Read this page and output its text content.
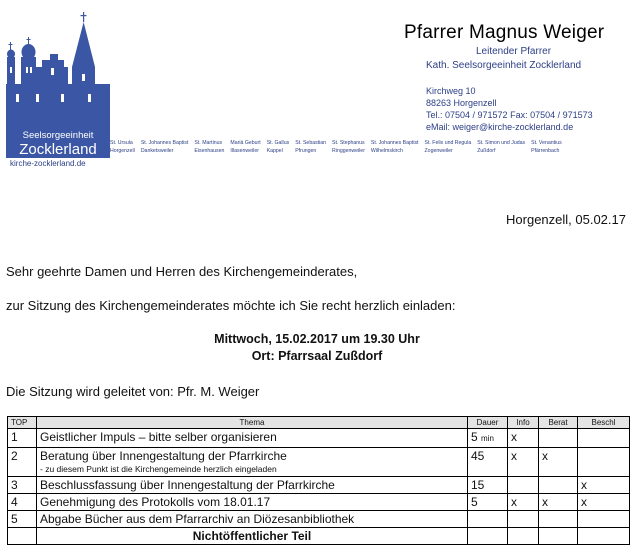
Seelsorgeeinheit
Zocklerland
kirche-zocklerland.de
Pfarrer Magnus Weiger
Leitender Pfarrer
Kath. Seelsorgeeinheit Zocklerland
Kirchweg 10
88263 Horgenzell
Tel.: 07504 / 971572 Fax: 07504 / 971573
eMail: weiger@kirche-zocklerland.de
St. Ursula
Horgenzell
St. Johannes Baptist
Danketsweiler
St. Martinus
Eisenhausen
Mariä Geburt
Illasenweiler
St. Gallus
Kappel
St. Sebastian
Pfrungen
St. Stephanus
Ringgenweiler
St. Johannes Baptist
Wilhelmskirch
St. Felix und Regula
Zogenweiler
St. Simon und Judas
Zußdorf
St. Venantius
Pfärrenbach
Horgenzell, 05.02.17
Sehr geehrte Damen und Herren des Kirchengemeinderates,
zur Sitzung des Kirchengemeinderates möchte ich Sie recht herzlich einladen:
Mittwoch, 15.02.2017 um 19.30 Uhr
Ort: Pfarrsaal Zußdorf
Die Sitzung wird geleitet von: Pfr. M. Weiger
TOP	Thema	Dauer	Info	Berat	Beschl
1	Geistlicher Impuls – bitte selber organisieren	5 min	x		
2	Beratung über Innengestaltung der Pfarrkirche
- zu diesem Punkt ist die Kirchengemeinde herzlich eingeladen	45	x	x	
3	Beschlussfassung über Innengestaltung der Pfarrkirche	15			x
4	Genehmigung des Protokolls vom 18.01.17	5	x	x	x
5	Abgabe Bücher aus dem Pfarrarchiv an Diözesanbibliothek				
	Nichtöffentlicher Teil				
